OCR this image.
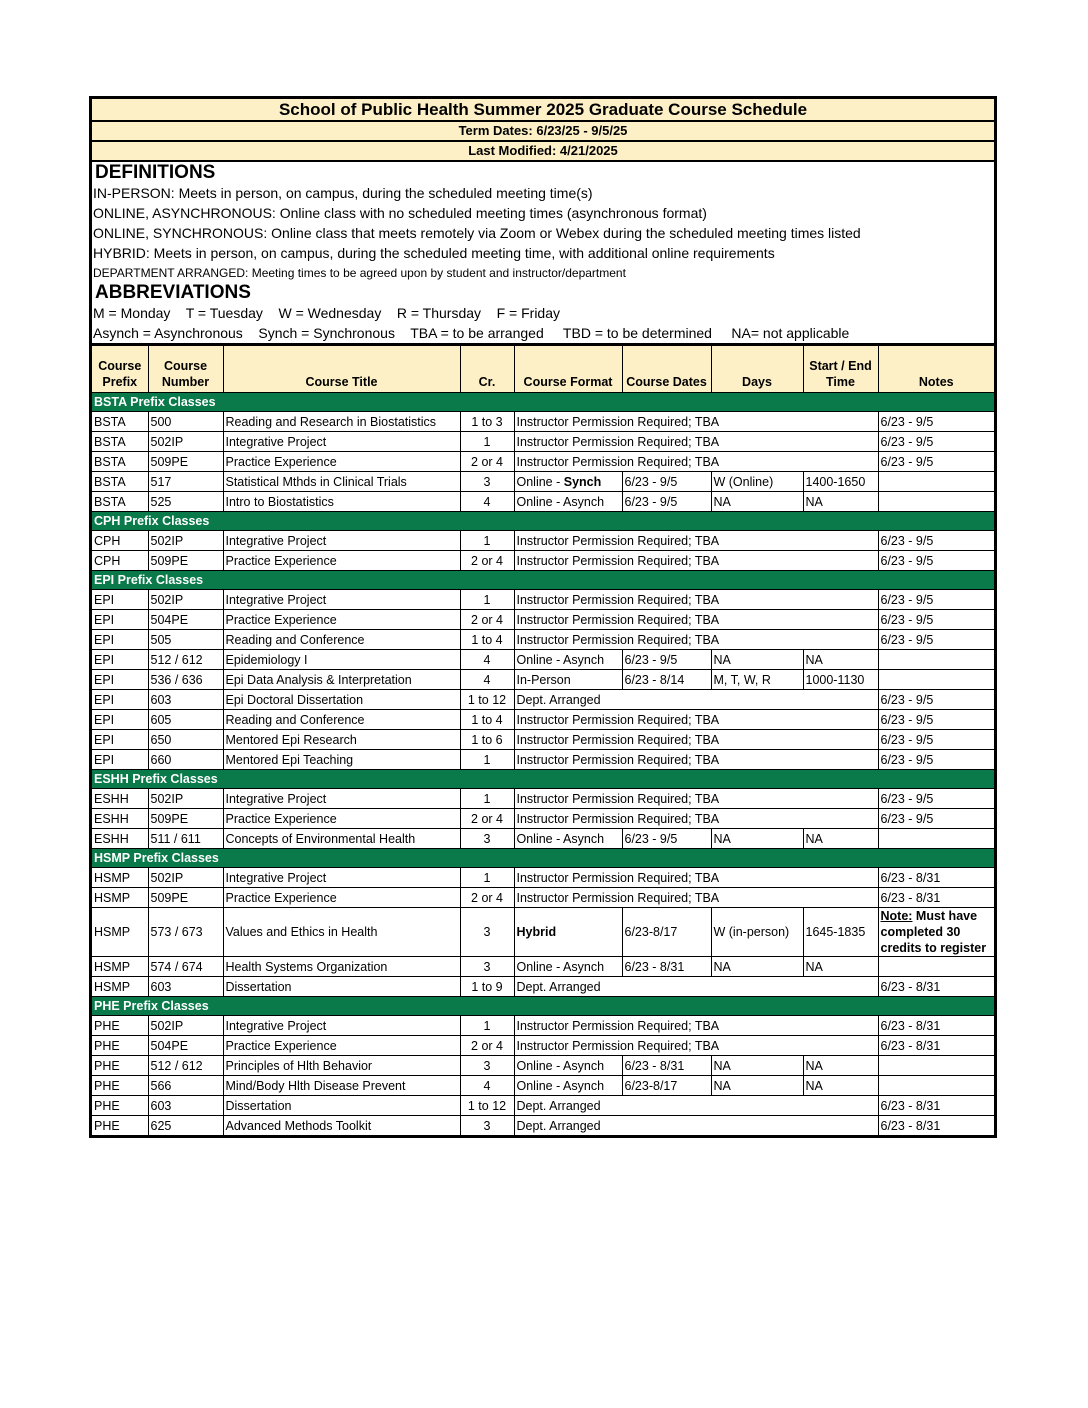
School of Public Health Summer 2025 Graduate Course Schedule
Term Dates: 6/23/25 - 9/5/25
Last Modified: 4/21/2025
DEFINITIONS
IN-PERSON: Meets in person, on campus, during the scheduled meeting time(s)
ONLINE, ASYNCHRONOUS: Online class with no scheduled meeting times (asynchronous format)
ONLINE, SYNCHRONOUS: Online class that meets remotely via Zoom or Webex during the scheduled meeting times listed
HYBRID: Meets in person, on campus, during the scheduled meeting time, with additional online requirements
DEPARTMENT ARRANGED: Meeting times to be agreed upon by student and instructor/department
ABBREVIATIONS
M = Monday    T = Tuesday    W = Wednesday    R = Thursday    F = Friday
Asynch = Asynchronous    Synch = Synchronous    TBA = to be arranged     TBD = to be determined     NA= not applicable
Course Prefix	Course Number	Course Title	Cr.	Course Format	Course Dates	Days	Start / End Time	Notes
BSTA Prefix Classes								
BSTA	500	Reading and Research in Biostatistics	1 to 3	Instructor Permission Required; TBA				6/23 - 9/5
BSTA	502IP	Integrative Project	1	Instructor Permission Required; TBA				6/23 - 9/5
BSTA	509PE	Practice Experience	2 or 4	Instructor Permission Required; TBA				6/23 - 9/5
BSTA	517	Statistical Mthds in Clinical Trials	3	Online - Synch	6/23 - 9/5	W (Online)	1400-1650	
BSTA	525	Intro to Biostatistics	4	Online - Asynch	6/23 - 9/5	NA	NA	
CPH Prefix Classes								
CPH	502IP	Integrative Project	1	Instructor Permission Required; TBA				6/23 - 9/5
CPH	509PE	Practice Experience	2 or 4	Instructor Permission Required; TBA				6/23 - 9/5
EPI Prefix Classes								
EPI	502IP	Integrative Project	1	Instructor Permission Required; TBA				6/23 - 9/5
EPI	504PE	Practice Experience	2 or 4	Instructor Permission Required; TBA				6/23 - 9/5
EPI	505	Reading and Conference	1 to 4	Instructor Permission Required; TBA				6/23 - 9/5
EPI	512 / 612	Epidemiology I	4	Online - Asynch	6/23 - 9/5	NA	NA	
EPI	536 / 636	Epi Data Analysis & Interpretation	4	In-Person	6/23 - 8/14	M, T, W, R	1000-1130	
EPI	603	Epi Doctoral Dissertation	1 to 12	Dept. Arranged				6/23 - 9/5
EPI	605	Reading and Conference	1 to 4	Instructor Permission Required; TBA				6/23 - 9/5
EPI	650	Mentored Epi Research	1 to 6	Instructor Permission Required; TBA				6/23 - 9/5
EPI	660	Mentored Epi Teaching	1	Instructor Permission Required; TBA				6/23 - 9/5
ESHH Prefix Classes								
ESHH	502IP	Integrative Project	1	Instructor Permission Required; TBA				6/23 - 9/5
ESHH	509PE	Practice Experience	2 or 4	Instructor Permission Required; TBA				6/23 - 9/5
ESHH	511 / 611	Concepts of Environmental Health	3	Online - Asynch	6/23 - 9/5	NA	NA	
HSMP Prefix Classes								
HSMP	502IP	Integrative Project	1	Instructor Permission Required; TBA				6/23 - 8/31
HSMP	509PE	Practice Experience	2 or 4	Instructor Permission Required; TBA				6/23 - 8/31
HSMP	573 / 673	Values and Ethics in Health	3	Hybrid	6/23-8/17	W (in-person)	1645-1835	Note: Must have completed 30 credits to register
HSMP	574 / 674	Health Systems Organization	3	Online - Asynch	6/23 - 8/31	NA	NA	
HSMP	603	Dissertation	1 to 9	Dept. Arranged				6/23 - 8/31
PHE Prefix Classes								
PHE	502IP	Integrative Project	1	Instructor Permission Required; TBA				6/23 - 8/31
PHE	504PE	Practice Experience	2 or 4	Instructor Permission Required; TBA				6/23 - 8/31
PHE	512 / 612	Principles of Hlth Behavior	3	Online - Asynch	6/23 - 8/31	NA	NA	
PHE	566	Mind/Body Hlth Disease Prevent	4	Online - Asynch	6/23-8/17	NA	NA	
PHE	603	Dissertation	1 to 12	Dept. Arranged				6/23 - 8/31
PHE	625	Advanced Methods Toolkit	3	Dept. Arranged				6/23 - 8/31
